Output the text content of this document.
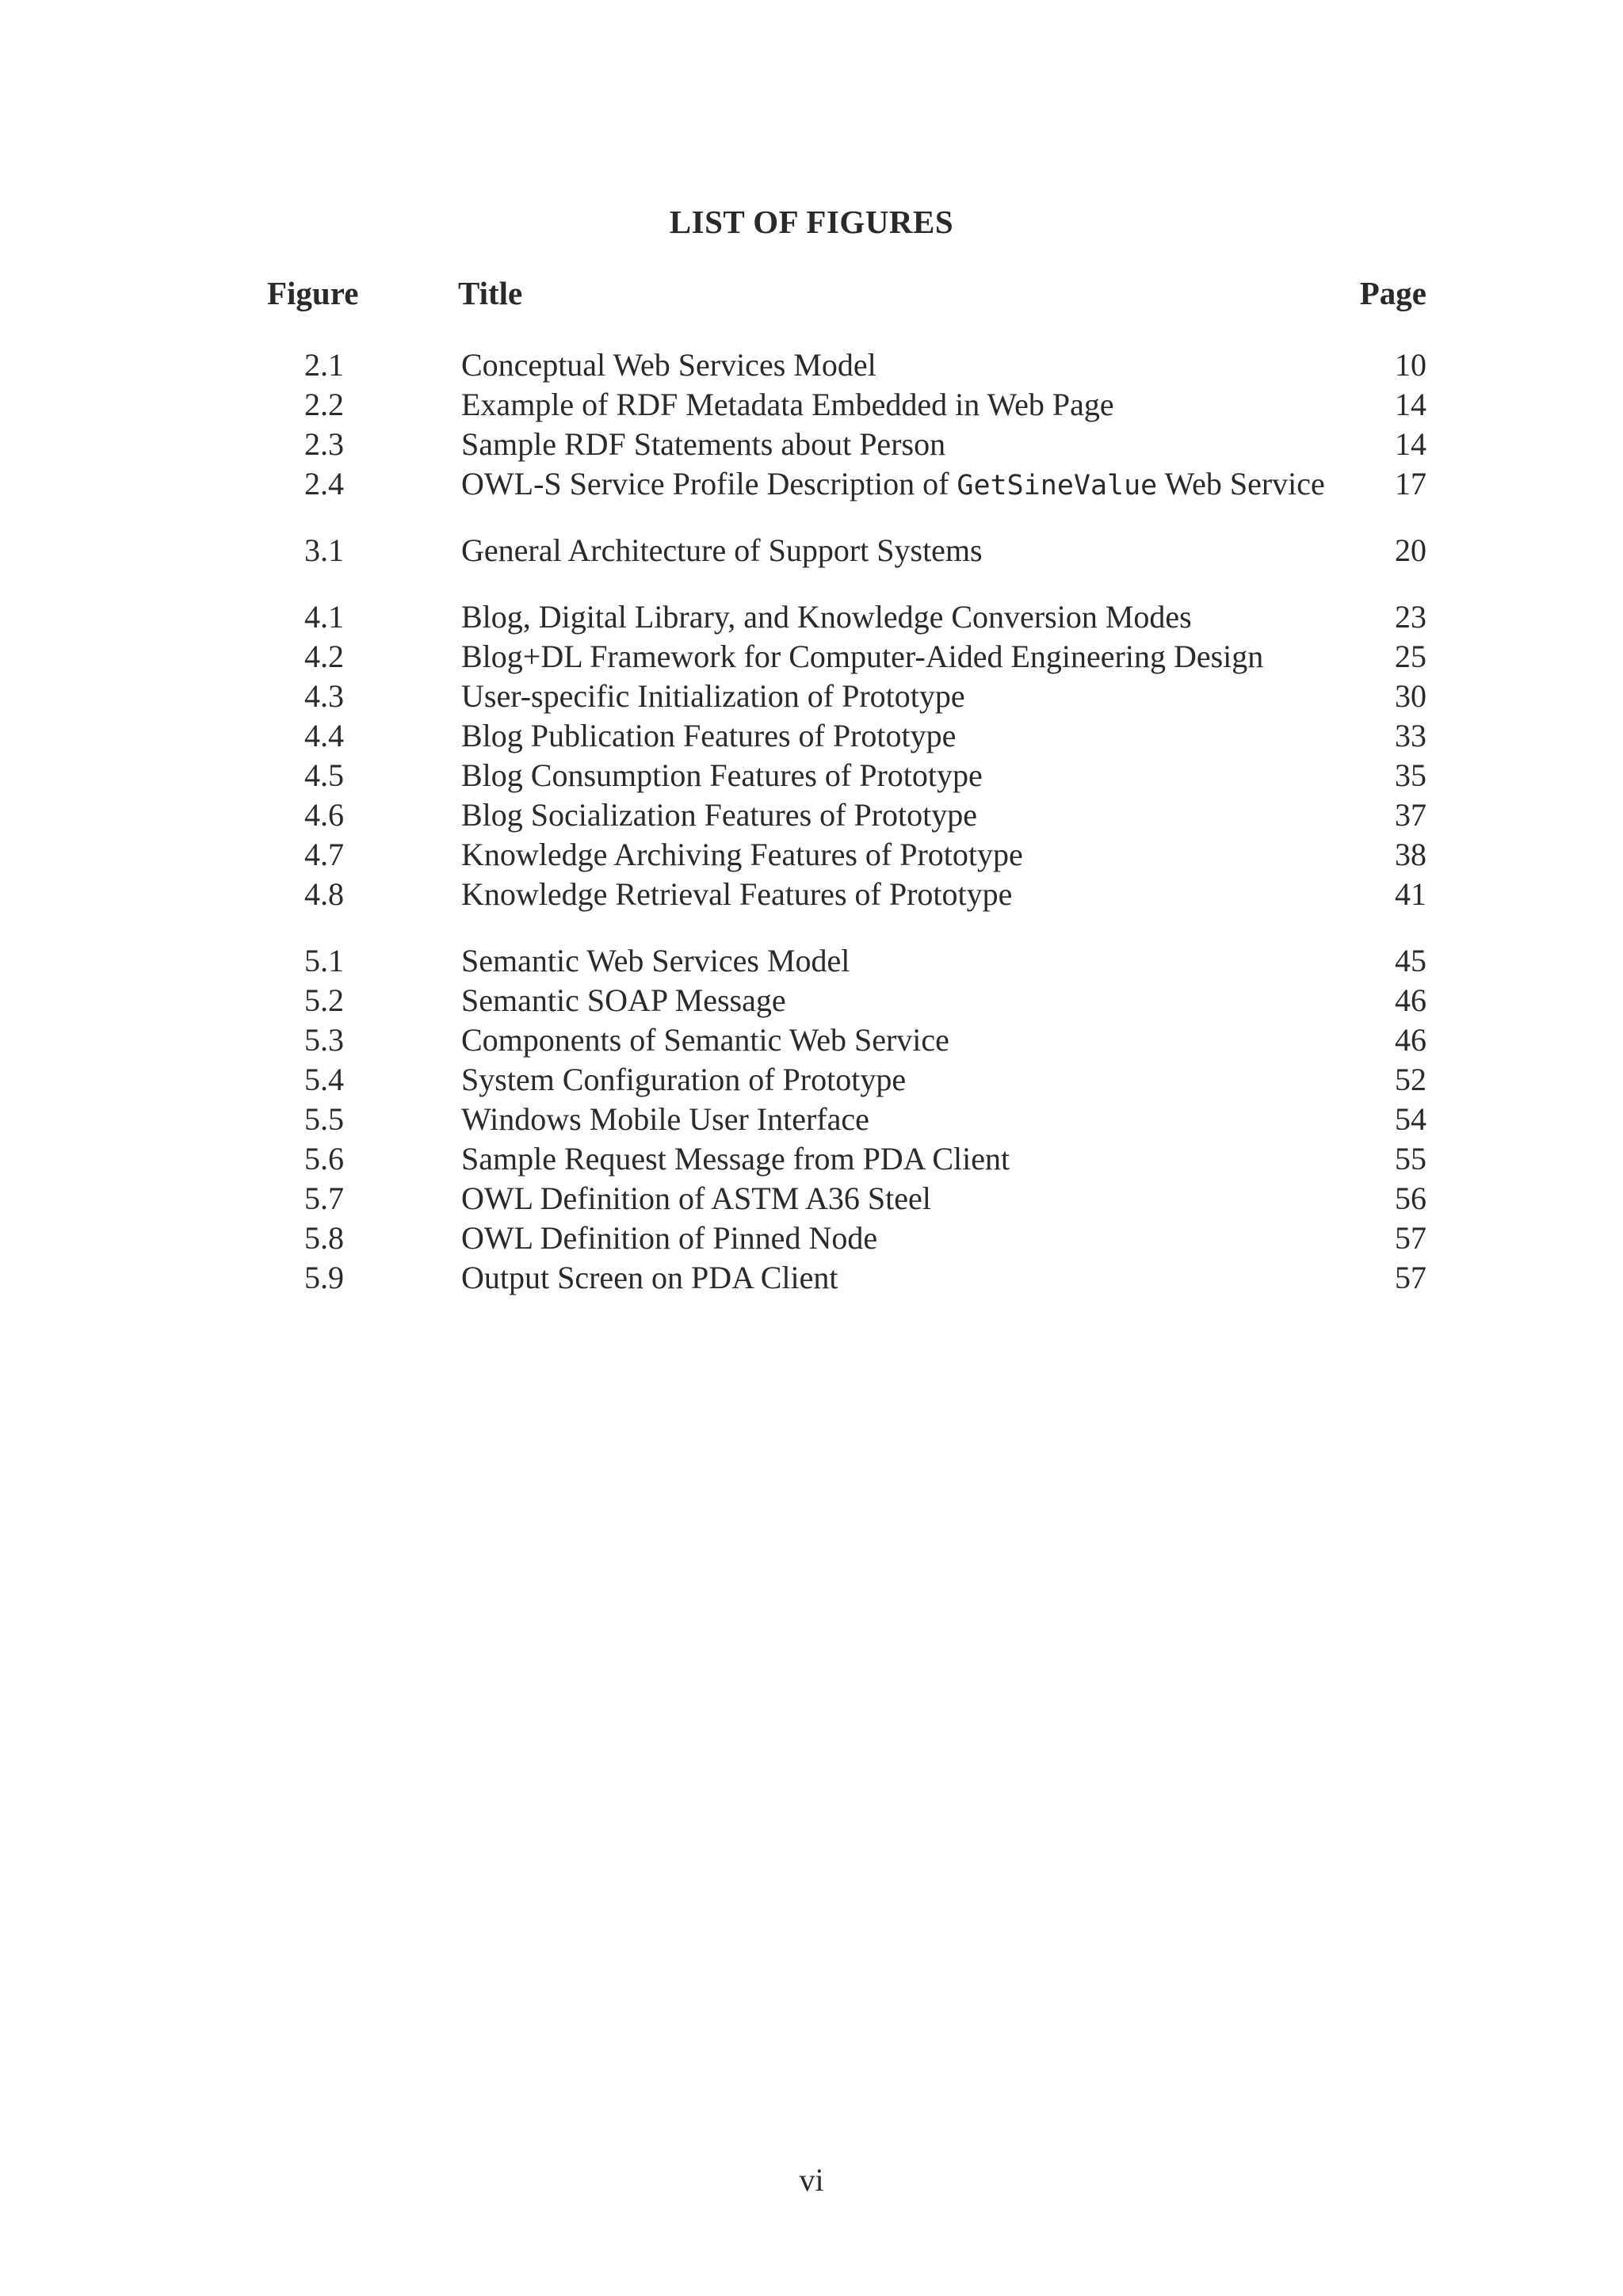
LIST OF FIGURES
Figure	Title	Page
2.1	Conceptual Web Services Model	10
2.2	Example of RDF Metadata Embedded in Web Page	14
2.3	Sample RDF Statements about Person	14
2.4	OWL-S Service Profile Description of GetSineValue Web Service 17
3.1	General Architecture of Support Systems	20
4.1	Blog, Digital Library, and Knowledge Conversion Modes	23
4.2	Blog+DL Framework for Computer-Aided Engineering Design	25
4.3	User-specific Initialization of Prototype	30
4.4	Blog Publication Features of Prototype	33
4.5	Blog Consumption Features of Prototype	35
4.6	Blog Socialization Features of Prototype	37
4.7	Knowledge Archiving Features of Prototype	38
4.8	Knowledge Retrieval Features of Prototype	41
5.1	Semantic Web Services Model	45
5.2	Semantic SOAP Message	46
5.3	Components of Semantic Web Service	46
5.4	System Configuration of Prototype	52
5.5	Windows Mobile User Interface	54
5.6	Sample Request Message from PDA Client	55
5.7	OWL Definition of ASTM A36 Steel	56
5.8	OWL Definition of Pinned Node	57
5.9	Output Screen on PDA Client	57
vi
